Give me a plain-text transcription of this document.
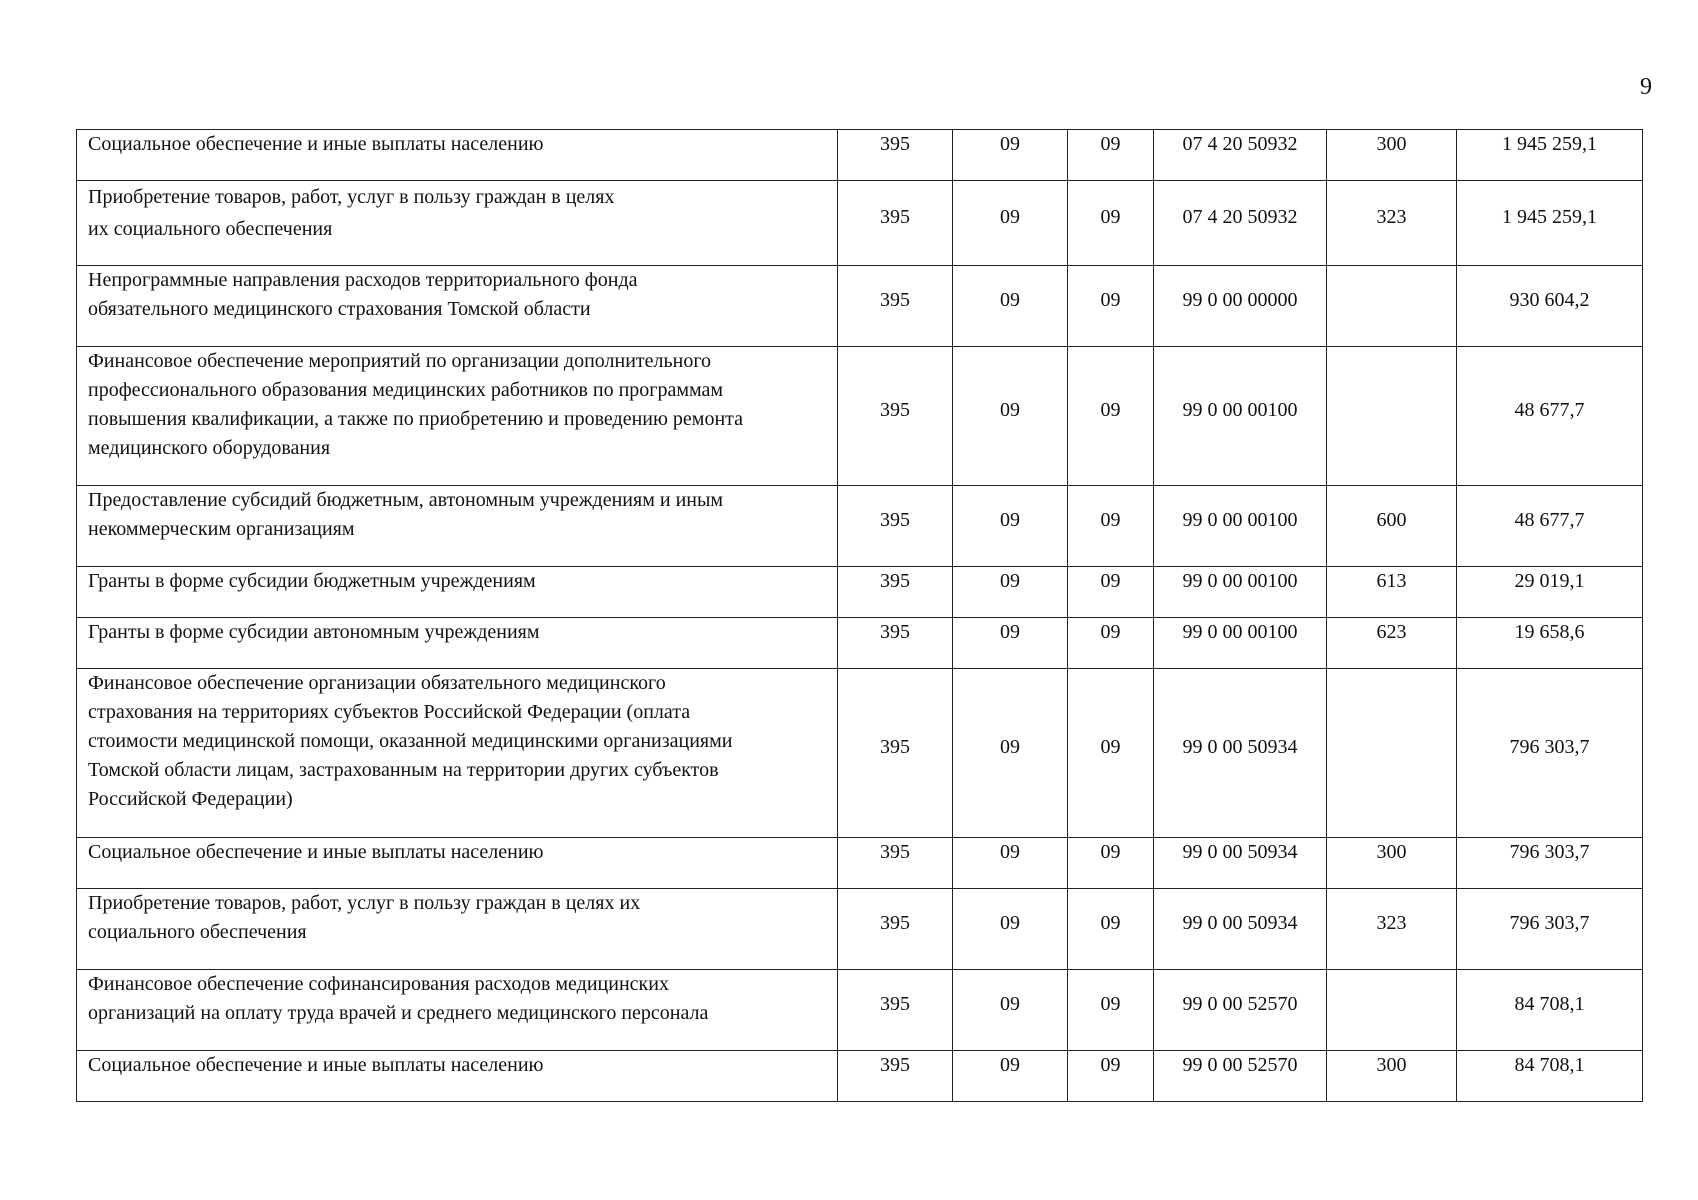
9
Социальное обеспечение и иные выплаты населению	395	09	09	07 4 20 50932	300	1 945 259,1

Приобретение товаров, работ, услуг в пользу граждан в целях
их социального обеспечения	395	09	09	07 4 20 50932	323	1 945 259,1

Непрограммные направления расходов территориального фонда
обязательного медицинского страхования Томской области	395	09	09	99 0 00 00000		930 604,2

Финансовое обеспечение мероприятий по организации дополнительного
профессионального образования медицинских работников по программам
повышения квалификации, а также по приобретению и проведению ремонта
медицинского оборудования	395	09	09	99 0 00 00100		48 677,7

Предоставление субсидий бюджетным, автономным учреждениям и иным
некоммерческим организациям	395	09	09	99 0 00 00100	600	48 677,7

Гранты в форме субсидии бюджетным учреждениям	395	09	09	99 0 00 00100	613	29 019,1

Гранты в форме субсидии автономным учреждениям	395	09	09	99 0 00 00100	623	19 658,6

Финансовое обеспечение организации обязательного медицинского
страхования на территориях субъектов Российской Федерации (оплата
стоимости медицинской помощи, оказанной медицинскими организациями
Томской области лицам, застрахованным на территории других субъектов
Российской Федерации)	395	09	09	99 0 00 50934		796 303,7

Социальное обеспечение и иные выплаты населению	395	09	09	99 0 00 50934	300	796 303,7

Приобретение товаров, работ, услуг в пользу граждан в целях их
социального обеспечения	395	09	09	99 0 00 50934	323	796 303,7

Финансовое обеспечение софинансирования расходов медицинских
организаций на оплату труда врачей и среднего медицинского персонала	395	09	09	99 0 00 52570		84 708,1

Социальное обеспечение и иные выплаты населению	395	09	09	99 0 00 52570	300	84 708,1
